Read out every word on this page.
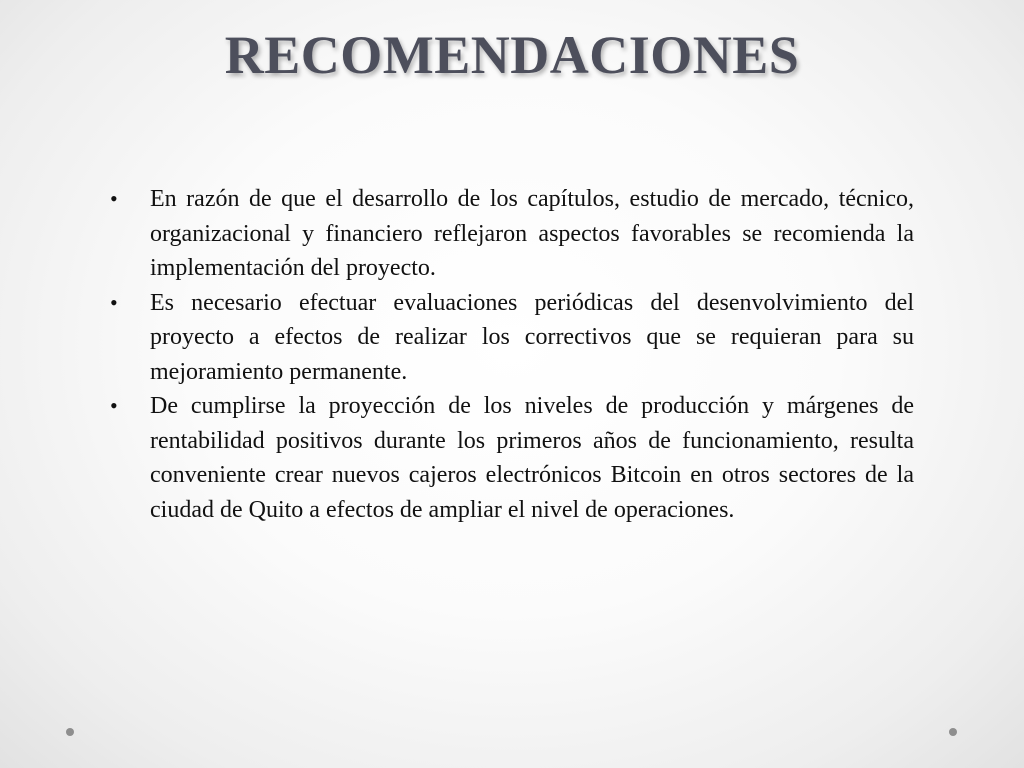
RECOMENDACIONES
• En razón de que el desarrollo de los capítulos, estudio de mercado, técnico, organizacional y financiero reflejaron aspectos favorables se recomienda la implementación del proyecto.
• Es necesario efectuar evaluaciones periódicas del desenvolvimiento del proyecto a efectos de realizar los correctivos que se requieran para su mejoramiento permanente.
• De cumplirse la proyección de los niveles de producción y márgenes de rentabilidad positivos durante los primeros años de funcionamiento, resulta conveniente crear nuevos cajeros electrónicos Bitcoin en otros sectores de la ciudad de Quito a efectos de ampliar el nivel de operaciones.
